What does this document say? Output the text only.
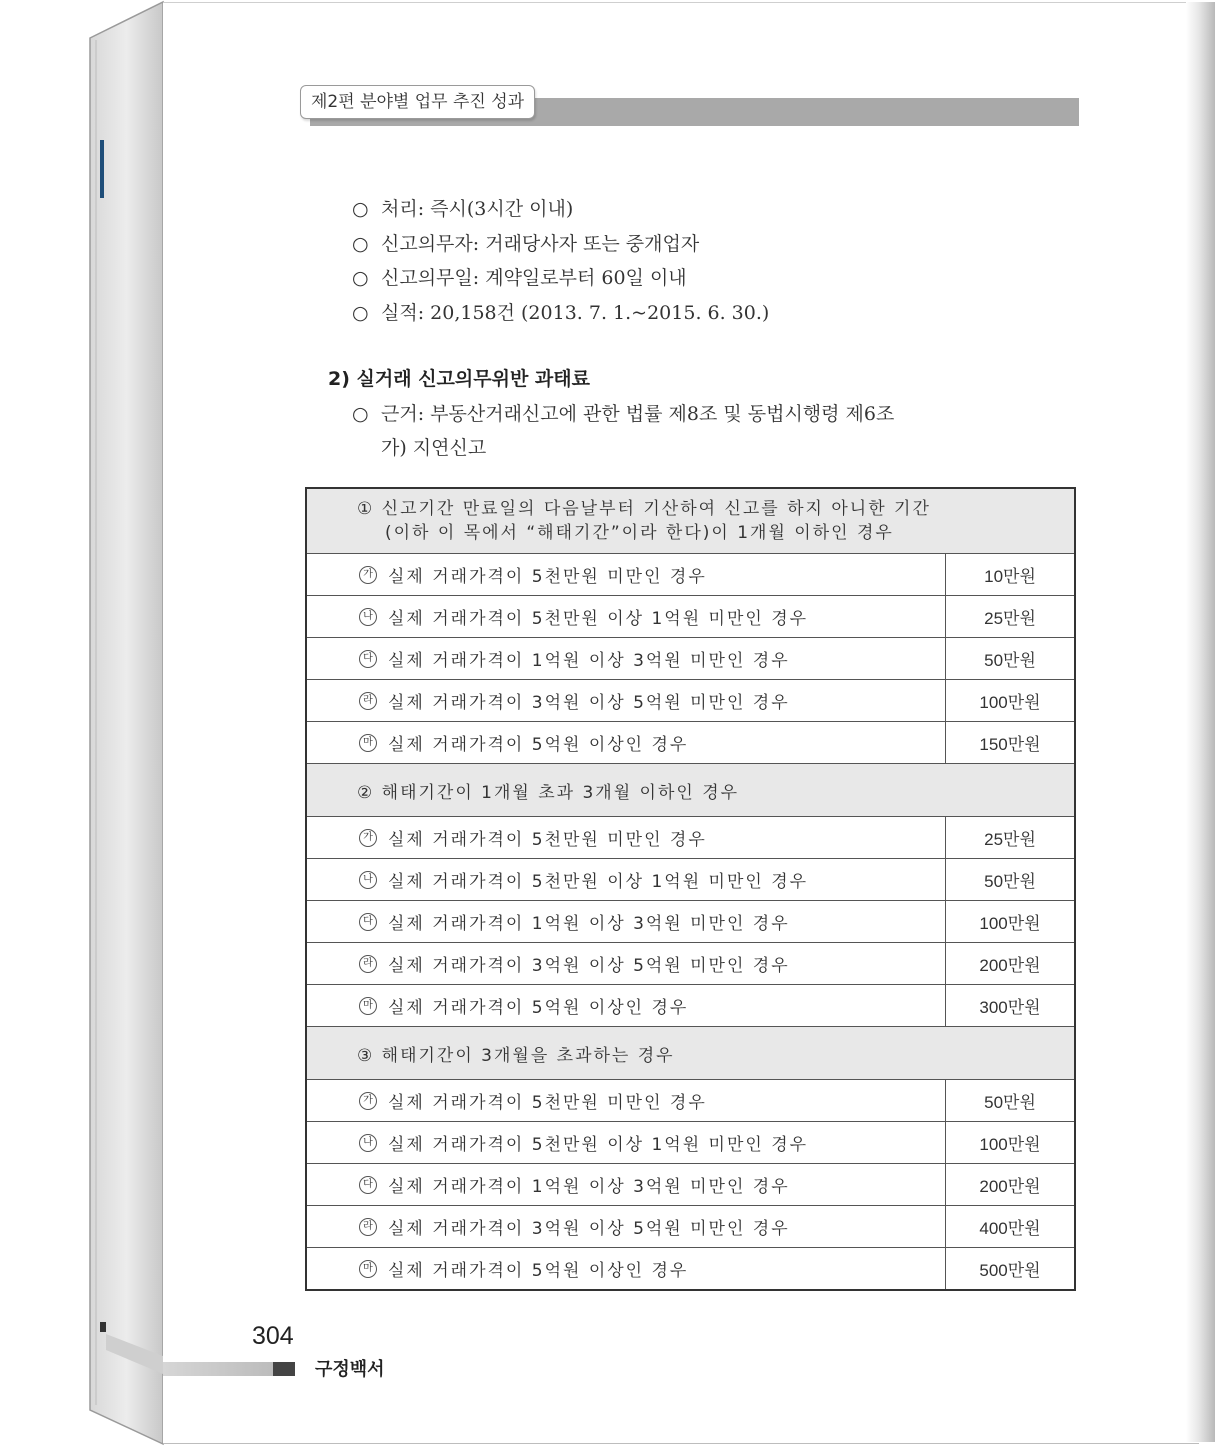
제2편 분야별 업무 추진 성과
○ 처리: 즉시(3시간 이내)
○ 신고의무자: 거래당사자 또는 중개업자
○ 신고의무일: 계약일로부터 60일 이내
○ 실적: 20,158건 (2013. 7. 1.~2015. 6. 30.)
2) 실거래 신고의무위반 과태료
○ 근거: 부동산거래신고에 관한 법률 제8조 및 동법시행령 제6조
가) 지연신고
① 신고기간 만료일의 다음날부터 기산하여 신고를 하지 아니한 기간
(이하 이 목에서 “해태기간”이라 한다)이 1개월 이하인 경우	

가 실제 거래가격이 5천만원 미만인 경우	10만원

나 실제 거래가격이 5천만원 이상 1억원 미만인 경우	25만원

다 실제 거래가격이 1억원 이상 3억원 미만인 경우	50만원

라 실제 거래가격이 3억원 이상 5억원 미만인 경우	100만원

마 실제 거래가격이 5억원 이상인 경우	150만원
② 해태기간이 1개월 초과 3개월 이하인 경우	

가 실제 거래가격이 5천만원 미만인 경우	25만원

나 실제 거래가격이 5천만원 이상 1억원 미만인 경우	50만원

다 실제 거래가격이 1억원 이상 3억원 미만인 경우	100만원

라 실제 거래가격이 3억원 이상 5억원 미만인 경우	200만원

마 실제 거래가격이 5억원 이상인 경우	300만원
③ 해태기간이 3개월을 초과하는 경우	

가 실제 거래가격이 5천만원 미만인 경우	50만원

나 실제 거래가격이 5천만원 이상 1억원 미만인 경우	100만원

다 실제 거래가격이 1억원 이상 3억원 미만인 경우	200만원

라 실제 거래가격이 3억원 이상 5억원 미만인 경우	400만원

마 실제 거래가격이 5억원 이상인 경우	500만원
304
구정백서
